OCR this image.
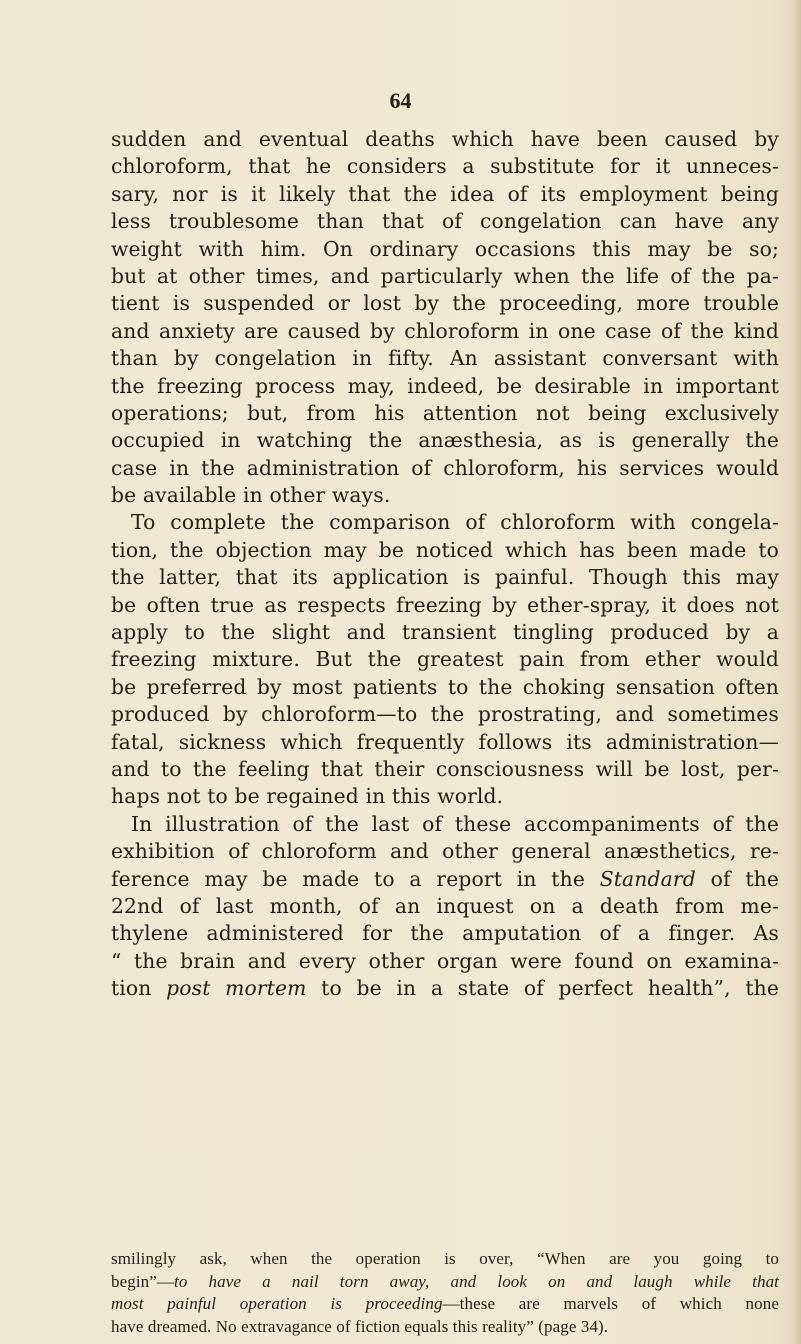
64
sudden and eventual deaths which have been caused by
chloroform, that he considers a substitute for it unneces-
sary, nor is it likely that the idea of its employment being
less troublesome than that of congelation can have any
weight with him. On ordinary occasions this may be so;
but at other times, and particularly when the life of the pa-
tient is suspended or lost by the proceeding, more trouble
and anxiety are caused by chloroform in one case of the kind
than by congelation in fifty. An assistant conversant with
the freezing process may, indeed, be desirable in important
operations; but, from his attention not being exclusively
occupied in watching the anæsthesia, as is generally the
case in the administration of chloroform, his services would
be available in other ways.
To complete the comparison of chloroform with congela-
tion, the objection may be noticed which has been made to
the latter, that its application is painful. Though this may
be often true as respects freezing by ether-spray, it does not
apply to the slight and transient tingling produced by a
freezing mixture. But the greatest pain from ether would
be preferred by most patients to the choking sensation often
produced by chloroform—to the prostrating, and sometimes
fatal, sickness which frequently follows its administration—
and to the feeling that their consciousness will be lost, per-
haps not to be regained in this world.
In illustration of the last of these accompaniments of the
exhibition of chloroform and other general anæsthetics, re-
ference may be made to a report in the Standard of the
22nd of last month, of an inquest on a death from me-
thylene administered for the amputation of a finger. As
“ the brain and every other organ were found on examina-
tion post mortem to be in a state of perfect health”, the
smilingly ask, when the operation is over, “When are you going to
begin”—to have a nail torn away, and look on and laugh while that
most painful operation is proceeding—these are marvels of which none
have dreamed. No extravagance of fiction equals this reality” (page 34).
